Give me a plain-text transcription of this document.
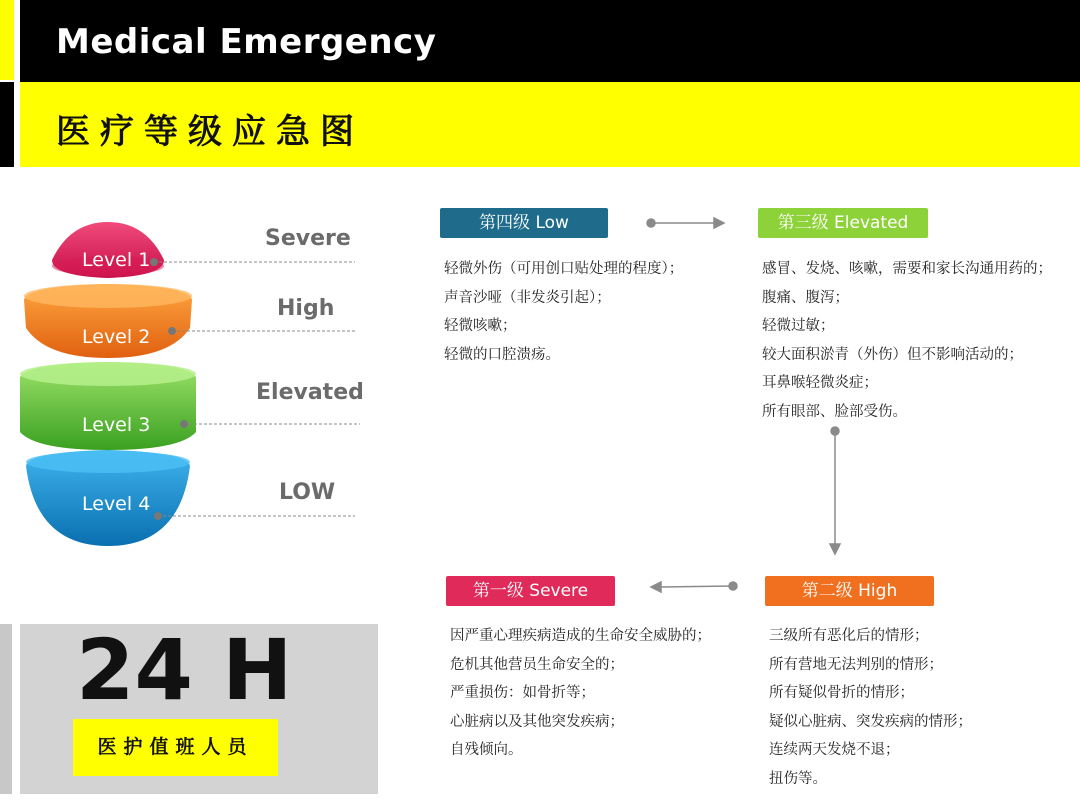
Medical Emergency
医疗等级应急图
Level 1
Level 2
Level 3
Level 4
Severe
High
Elevated
LOW
第四级 Low
轻微外伤（可用创口贴处理的程度）；
声音沙哑（非发炎引起）；
轻微咳嗽；
轻微的口腔溃疡。
第三级 Elevated
感冒、发烧、咳嗽，需要和家长沟通用药的；
腹痛、腹泻；
轻微过敏；
较大面积淤青（外伤）但不影响活动的；
耳鼻喉轻微炎症；
所有眼部、脸部受伤。
第一级 Severe
因严重心理疾病造成的生命安全威胁的；
危机其他营员生命安全的；
严重损伤：如骨折等；
心脏病以及其他突发疾病；
自残倾向。
第二级 High
三级所有恶化后的情形；
所有营地无法判别的情形；
所有疑似骨折的情形；
疑似心脏病、突发疾病的情形；
连续两天发烧不退；
扭伤等。
24 H
医护值班人员
